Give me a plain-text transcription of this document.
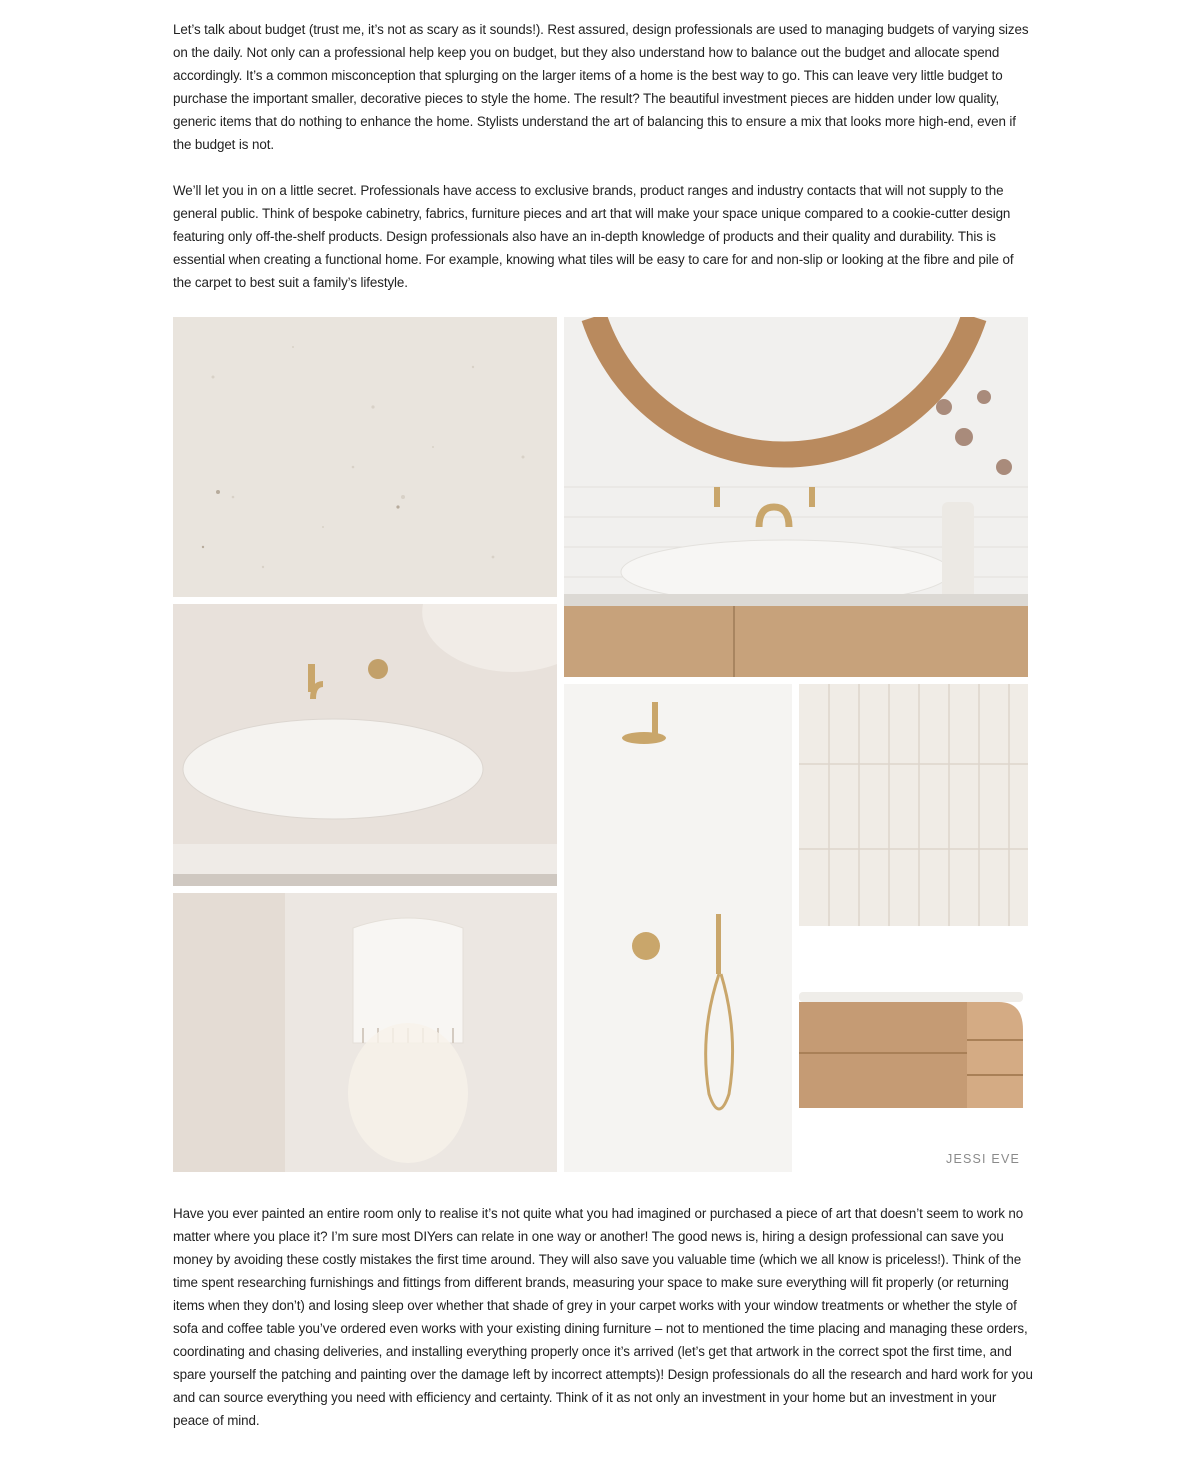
Let’s talk about budget (trust me, it’s not as scary as it sounds!). Rest assured, design professionals are used to managing budgets of varying sizes on the daily. Not only can a professional help keep you on budget, but they also understand how to balance out the budget and allocate spend accordingly. It’s a common misconception that splurging on the larger items of a home is the best way to go. This can leave very little budget to purchase the important smaller, decorative pieces to style the home. The result? The beautiful investment pieces are hidden under low quality, generic items that do nothing to enhance the home. Stylists understand the art of balancing this to ensure a mix that looks more high-end, even if the budget is not.

We’ll let you in on a little secret. Professionals have access to exclusive brands, product ranges and industry contacts that will not supply to the general public. Think of bespoke cabinetry, fabrics, furniture pieces and art that will make your space unique compared to a cookie-cutter design featuring only off-the-shelf products. Design professionals also have an in-depth knowledge of products and their quality and durability. This is essential when creating a functional home. For example, knowing what tiles will be easy to care for and non-slip or looking at the fibre and pile of the carpet to best suit a family’s lifestyle.

JESSI EVE

Have you ever painted an entire room only to realise it’s not quite what you had imagined or purchased a piece of art that doesn’t seem to work no matter where you place it? I’m sure most DIYers can relate in one way or another! The good news is, hiring a design professional can save you money by avoiding these costly mistakes the first time around. They will also save you valuable time (which we all know is priceless!). Think of the time spent researching furnishings and fittings from different brands, measuring your space to make sure everything will fit properly (or returning items when they don’t) and losing sleep over whether that shade of grey in your carpet works with your window treatments or whether the style of sofa and coffee table you’ve ordered even works with your existing dining furniture – not to mentioned the time placing and managing these orders, coordinating and chasing deliveries, and installing everything properly once it’s arrived (let’s get that artwork in the correct spot the first time, and spare yourself the patching and painting over the damage left by incorrect attempts)! Design professionals do all the research and hard work for you and can source everything you need with efficiency and certainty. Think of it as not only an investment in your home but an investment in your peace of mind.
